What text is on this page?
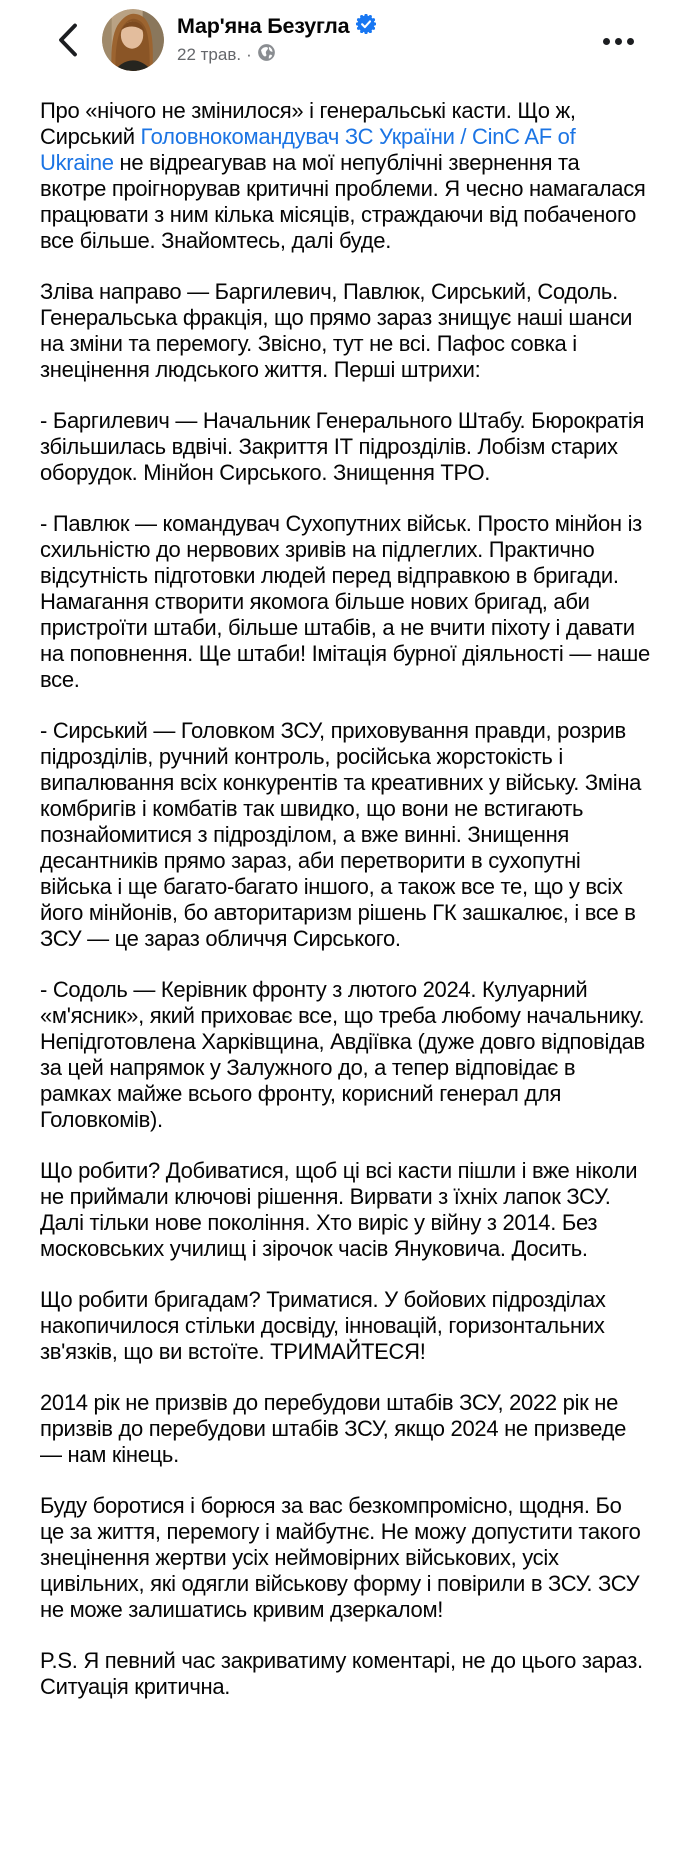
Мар'яна Безугла
22 трав. ·

Про «нічого не змінилося» і генеральські касти. Що ж, Сирський Головнокомандувач ЗС України / CinC AF of Ukraine не відреагував на мої непублічні звернення та вкотре проігнорував критичні проблеми. Я чесно намагалася працювати з ним кілька місяців, страждаючи від побаченого все більше. Знайомтесь, далі буде.

Зліва направо — Баргилевич, Павлюк, Сирський, Содоль. Генеральська фракція, що прямо зараз знищує наші шанси на зміни та перемогу. Звісно, тут не всі. Пафос совка і знецінення людського життя. Перші штрихи:

- Баргилевич — Начальник Генерального Штабу. Бюрократія збільшилась вдвічі. Закриття ІТ підрозділів. Лобізм старих оборудок. Мінйон Сирського. Знищення ТРО.

- Павлюк — командувач Сухопутних військ. Просто мінйон із схильністю до нервових зривів на підлеглих. Практично відсутність підготовки людей перед відправкою в бригади. Намагання створити якомога більше нових бригад, аби пристроїти штаби, більше штабів, а не вчити піхоту і давати на поповнення. Ще штаби! Імітація бурної діяльності — наше все.

- Сирський — Головком ЗСУ, приховування правди, розрив підрозділів, ручний контроль, російська жорстокість і випалювання всіх конкурентів та креативних у війську. Зміна комбригів і комбатів так швидко, що вони не встигають познайомитися з підрозділом, а вже винні. Знищення десантників прямо зараз, аби перетворити в сухопутні війська і ще багато-багато іншого, а також все те, що у всіх його мінйонів, бо авторитаризм рішень ГК зашкалює, і все в ЗСУ — це зараз обличчя Сирського.

- Содоль — Керівник фронту з лютого 2024. Кулуарний «м'ясник», який приховає все, що треба любому начальнику. Непідготовлена Харківщина, Авдіївка (дуже довго відповідав за цей напрямок у Залужного до, а тепер відповідає в рамках майже всього фронту, корисний генерал для Головкомів).

Що робити? Добиватися, щоб ці всі касти пішли і вже ніколи не приймали ключові рішення. Вирвати з їхніх лапок ЗСУ. Далі тільки нове покоління. Хто виріс у війну з 2014. Без московських училищ і зірочок часів Януковича. Досить.

Що робити бригадам? Триматися. У бойових підрозділах накопичилося стільки досвіду, інновацій, горизонтальних зв'язків, що ви встоїте. ТРИМАЙТЕСЯ!

2014 рік не призвів до перебудови штабів ЗСУ, 2022 рік не призвів до перебудови штабів ЗСУ, якщо 2024 не призведе — нам кінець.

Буду боротися і борюся за вас безкомпромісно, щодня. Бо це за життя, перемогу і майбутнє. Не можу допустити такого знецінення жертви усіх неймовірних військових, усіх цивільних, які одягли військову форму і повірили в ЗСУ. ЗСУ не може залишатись кривим дзеркалом!

P.S. Я певний час закриватиму коментарі, не до цього зараз. Ситуація критична.
